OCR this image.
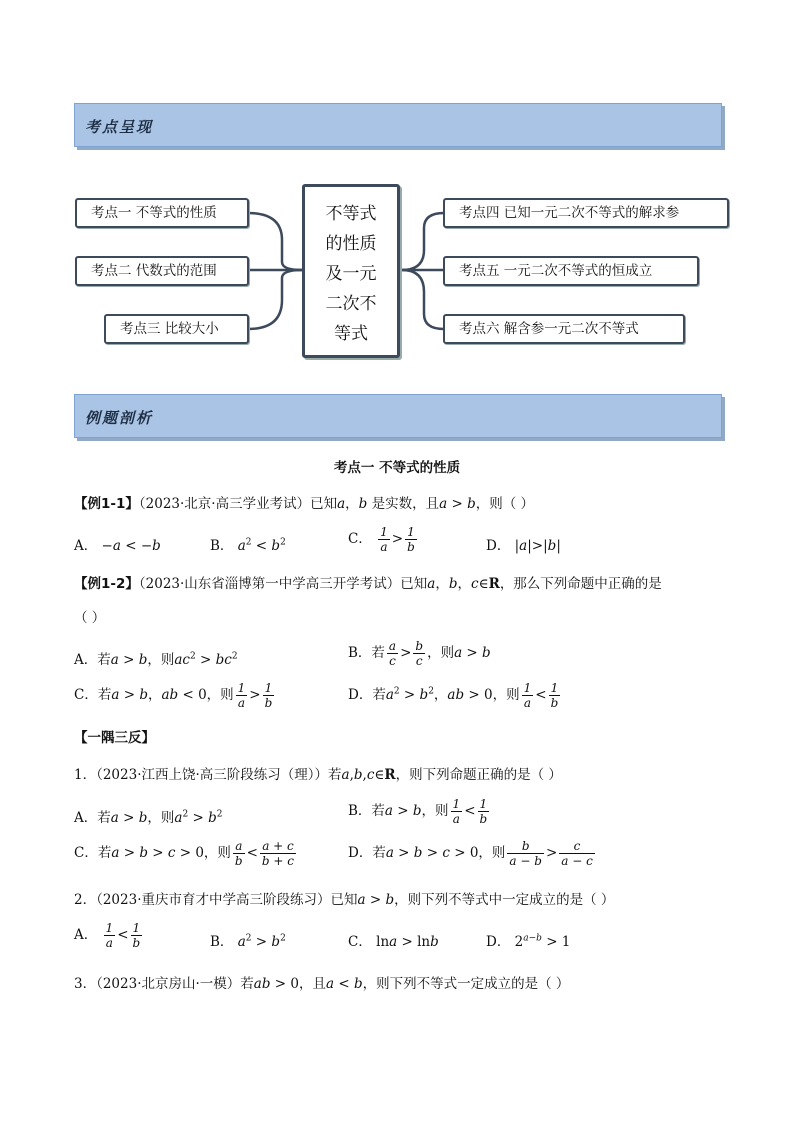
考点呈现
考点一 不等式的性质
考点二 代数式的范围
考点三 比较大小
不等式
的性质
及一元
二次不
等式
考点四 已知一元二次不等式的解求参
考点五 一元二次不等式的恒成立
考点六 解含参一元二次不等式
例题剖析
考点一 不等式的性质
【例1-1】（2023·北京·高三学业考试）已知a，b 是实数，且a > b，则（ ）
A． −a < −b	B． $a^2 < b^2$	C． $\frac{1}{a} > \frac{1}{b}$	D． |a|>|b|
【例1-2】（2023·山东省淄博第一中学高三开学考试）已知a，b，c∈R，那么下列命题中正确的是
（ ）
A．若a > b，则$ac^2 > bc^2$	B．若 $\frac{a}{c} > \frac{b}{c}$ ，则a > b
C．若a > b，ab < 0，则 $\frac{1}{a} > \frac{1}{b}$	D．若$a^2 > b^2$，ab > 0，则 $\frac{1}{a} < \frac{1}{b}$
【一隅三反】
1．（2023·江西上饶·高三阶段练习（理））若a,b,c∈R，则下列命题正确的是（ ）
A．若a > b，则$a^2 > b^2$	B．若a > b，则 $\frac{1}{a} < \frac{1}{b}$
C．若a > b > c > 0，则 $\frac{a}{b} < \frac{a + c}{b + c}$	D．若a > b > c > 0，则 $\frac{b}{a - b} > \frac{c}{a - c}$
2．（2023·重庆市育才中学高三阶段练习）已知a > b，则下列不等式中一定成立的是（ ）
A． $\frac{1}{a} < \frac{1}{b}$	B． $a^2 > b^2$	C． lna > lnb	D． $2^{a-b} > 1$
3．（2023·北京房山·一模）若ab > 0，且a < b，则下列不等式一定成立的是（ ）
